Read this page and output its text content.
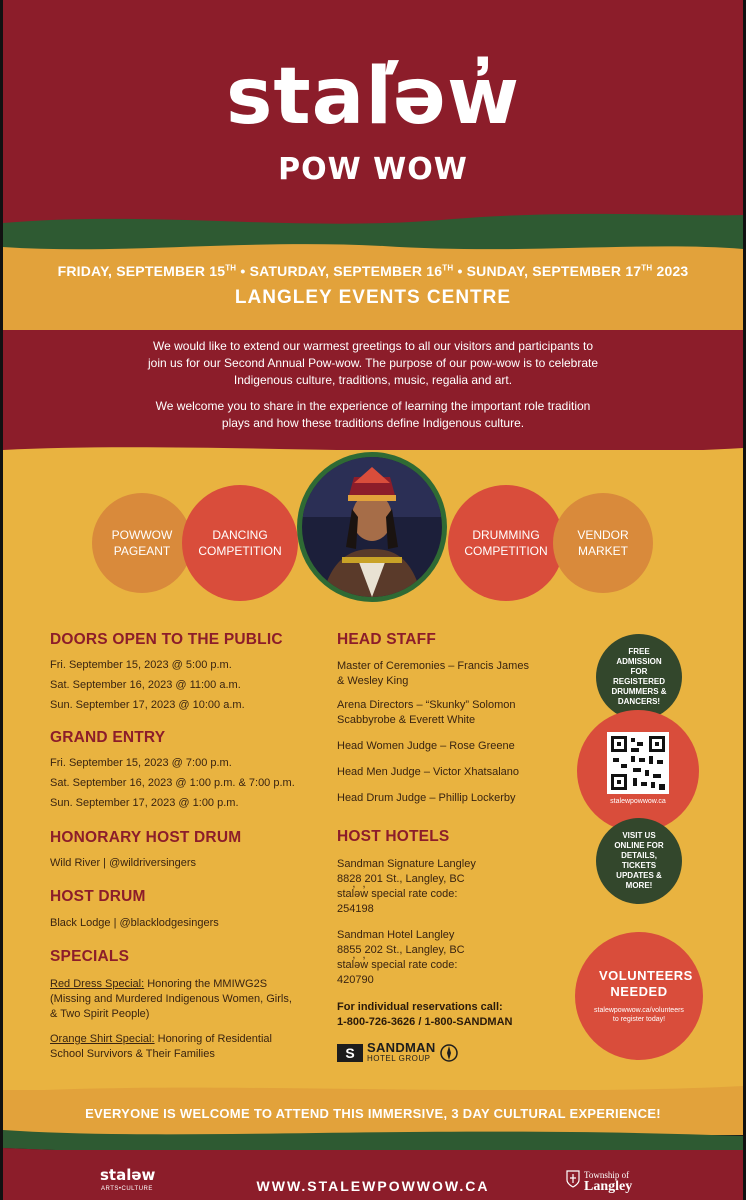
stal̕əw̓
POW WOW
FRIDAY, SEPTEMBER 15TH • SATURDAY, SEPTEMBER 16TH • SUNDAY, SEPTEMBER 17TH 2023
LANGLEY EVENTS CENTRE

We would like to extend our warmest greetings to all our visitors and participants to join us for our Second Annual Pow-wow. The purpose of our pow-wow is to celebrate Indigenous culture, traditions, music, regalia and art.

We welcome you to share in the experience of learning the important role tradition plays and how these traditions define Indigenous culture.

POWWOW
PAGEANT
DANCING
COMPETITION
DRUMMING
COMPETITION
VENDOR
MARKET
DOORS OPEN TO THE PUBLIC
Fri. September 15, 2023 @ 5:00 p.m.
Sat. September 16, 2023 @ 11:00 a.m.
Sun. September 17, 2023 @ 10:00 a.m.
GRAND ENTRY
Fri. September 15, 2023 @ 7:00 p.m.
Sat. September 16, 2023 @ 1:00 p.m. & 7:00 p.m.
Sun. September 17, 2023 @ 1:00 p.m.
HONORARY HOST DRUM
Wild River | @wildriversingers
HOST DRUM
Black Lodge | @blacklodgesingers
SPECIALS
Red Dress Special: Honoring the MMIWG2S (Missing and Murdered Indigenous Women, Girls, & Two Spirit People)
Orange Shirt Special: Honoring of Residential School Survivors & Their Families
HEAD STAFF
Master of Ceremonies – Francis James & Wesley King
Arena Directors – “Skunky” Solomon Scabbyrobe & Everett White
Head Women Judge – Rose Greene
Head Men Judge – Victor Xhatsalano
Head Drum Judge – Phillip Lockerby
HOST HOTELS
Sandman Signature Langley
8828 201 St., Langley, BC
stal̕əw̓ special rate code:
254198
Sandman Hotel Langley
8855 202 St., Langley, BC
stal̕əw̓ special rate code:
420790
For individual reservations call:
1-800-726-3626 / 1-800-SANDMAN
S SANDMAN
HOTEL GROUP
FREE ADMISSION FOR REGISTERED DRUMMERS & DANCERS!
stalewpowwow.ca
VISIT US ONLINE FOR DETAILS, TICKETS UPDATES & MORE!
VOLUNTEERS NEEDED
stalewpowwow.ca/volunteers to register today!
EVERYONE IS WELCOME TO ATTEND THIS IMMERSIVE, 3 DAY CULTURAL EXPERIENCE!
WWW.STALEWPOWWOW.CA
staləw
ARTS•CULTURE
Township of
Langley
